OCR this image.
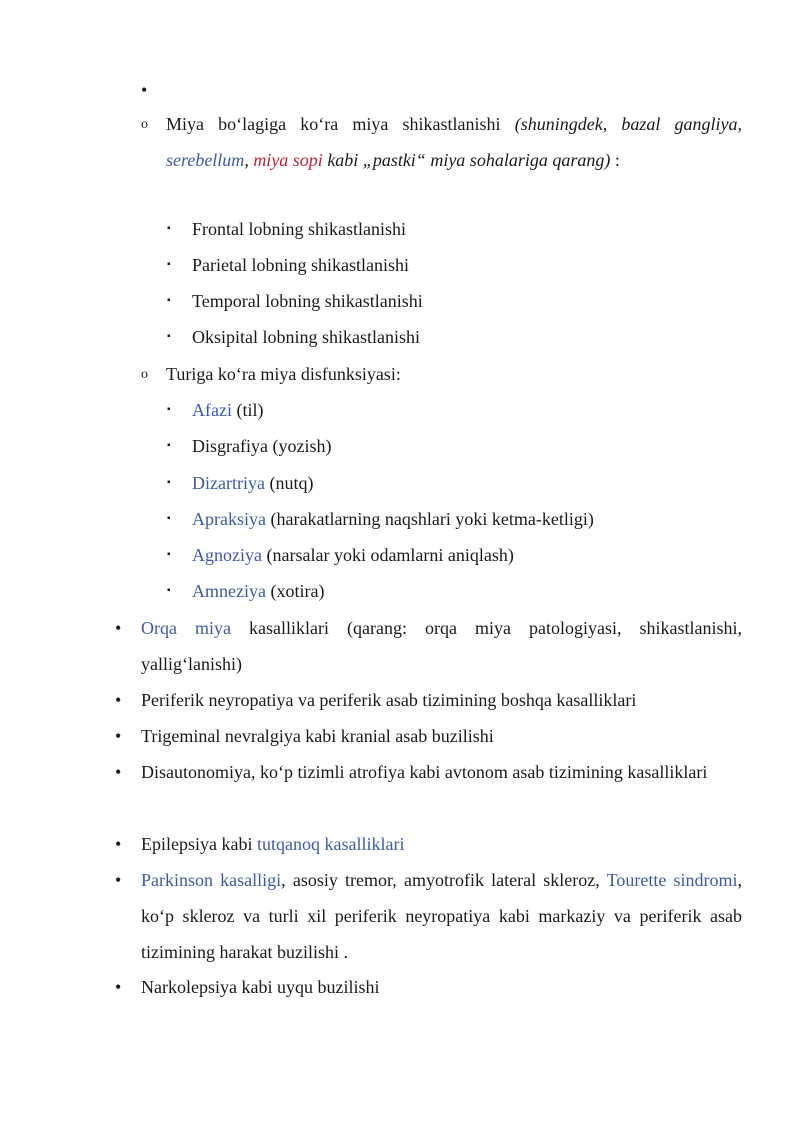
•
o Miya bo‘lagiga ko‘ra miya shikastlanishi (shuningdek, bazal gangliya, serebellum, miya sopi kabi „pastki“ miya sohalariga qarang) :
▪ Frontal lobning shikastlanishi
▪ Parietal lobning shikastlanishi
▪ Temporal lobning shikastlanishi
▪ Oksipital lobning shikastlanishi
o Turiga ko‘ra miya disfunksiyasi:
▪ Afazi (til)
▪ Disgrafiya (yozish)
▪ Dizartriya (nutq)
▪ Apraksiya (harakatlarning naqshlari yoki ketma-ketligi)
▪ Agnoziya (narsalar yoki odamlarni aniqlash)
▪ Amneziya (xotira)
• Orqa miya kasalliklari (qarang: orqa miya patologiyasi, shikastlanishi, yallig‘lanishi)
• Periferik neyropatiya va periferik asab tizimining boshqa kasalliklari
• Trigeminal nevralgiya kabi kranial asab buzilishi
• Disautonomiya, ko‘p tizimli atrofiya kabi avtonom asab tizimining kasalliklari
• Epilepsiya kabi tutqanoq kasalliklari
• Parkinson kasalligi, asosiy tremor, amyotrofik lateral skleroz, Tourette sindromi, ko‘p skleroz va turli xil periferik neyropatiya kabi markaziy va periferik asab tizimining harakat buzilishi .
• Narkolepsiya kabi uyqu buzilishi
